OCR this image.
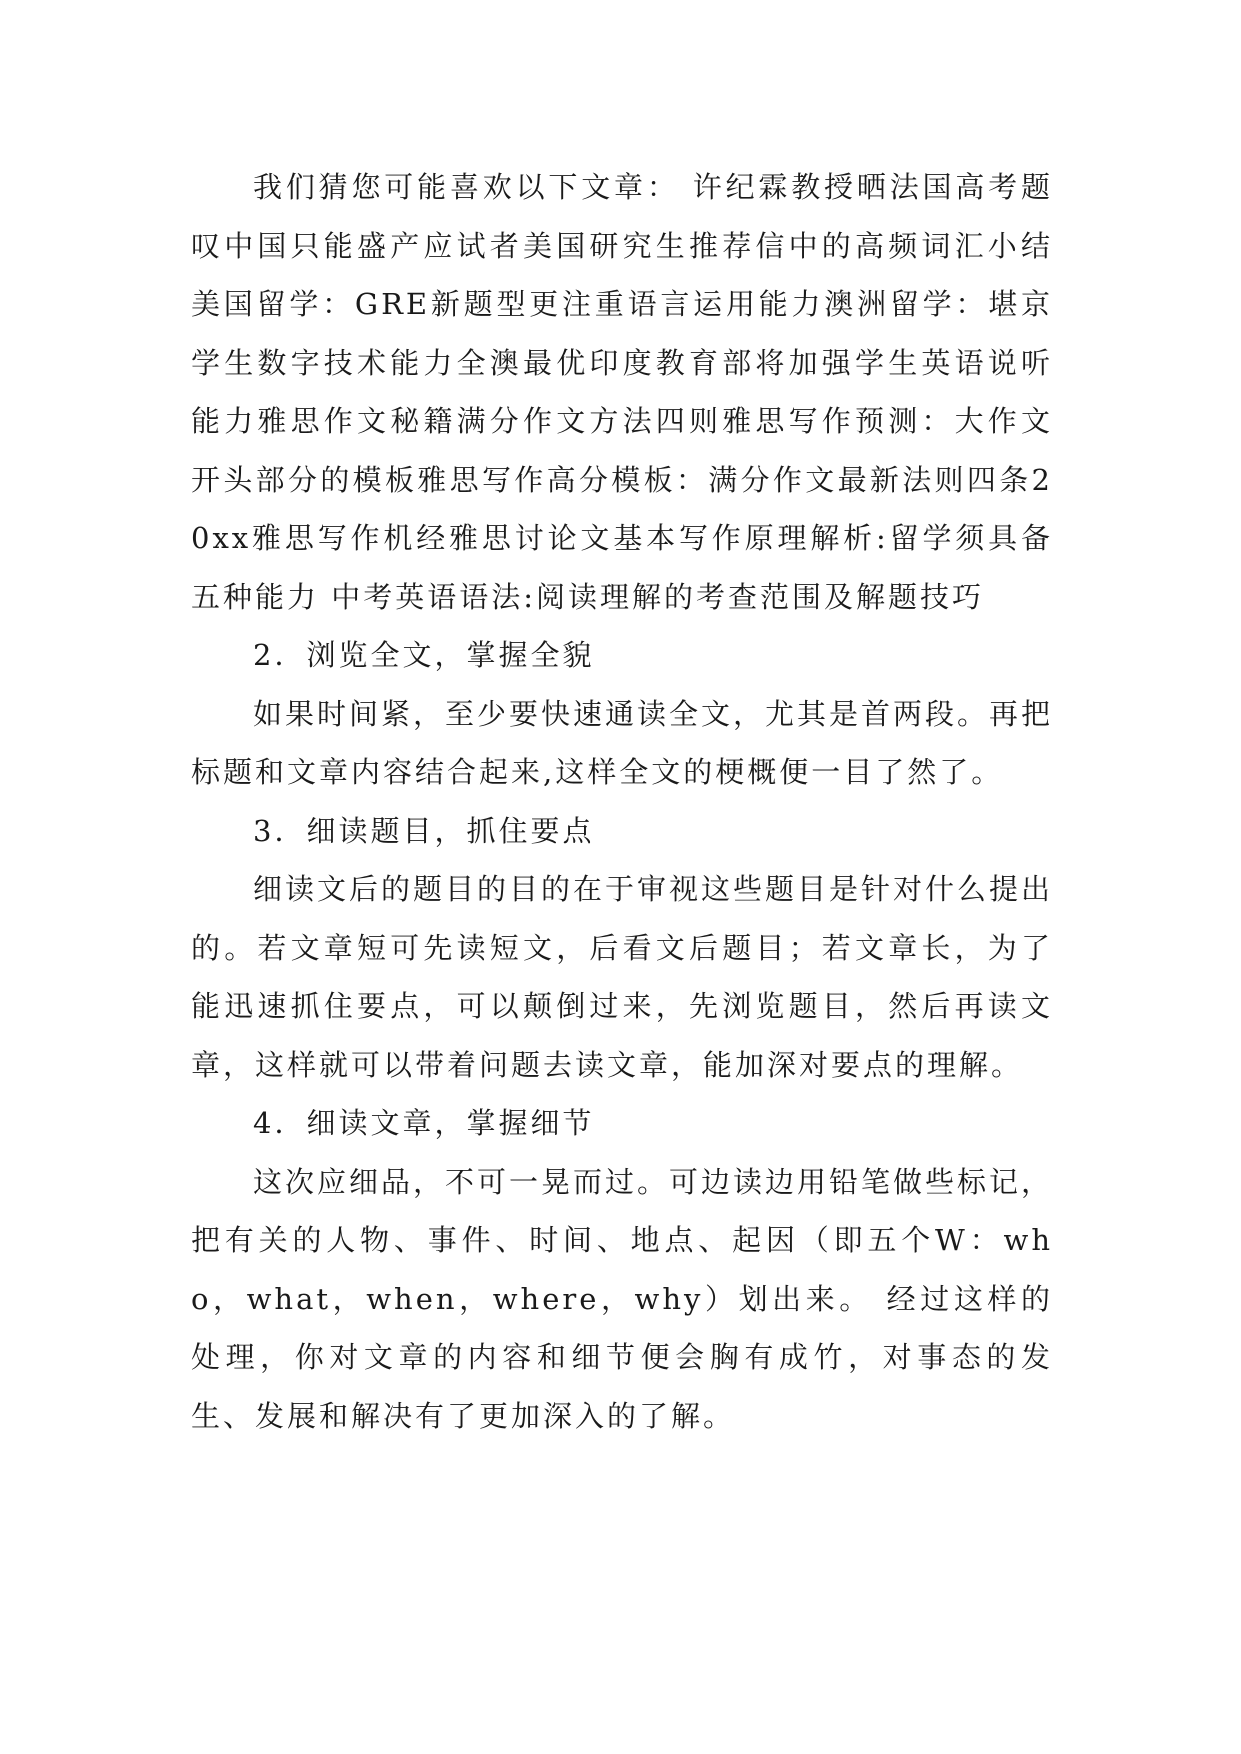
我们猜您可能喜欢以下文章： 许纪霖教授晒法国高考题叹中国只能盛产应试者美国研究生推荐信中的高频词汇小结美国留学：GRE新题型更注重语言运用能力澳洲留学：堪京学生数字技术能力全澳最优印度教育部将加强学生英语说听能力雅思作文秘籍满分作文方法四则雅思写作预测：大作文开头部分的模板雅思写作高分模板：满分作文最新法则四条20xx雅思写作机经雅思讨论文基本写作原理解析:留学须具备五种能力 中考英语语法:阅读理解的考查范围及解题技巧

2．浏览全文，掌握全貌

如果时间紧，至少要快速通读全文，尤其是首两段。再把标题和文章内容结合起来,这样全文的梗概便一目了然了。

3．细读题目，抓住要点

细读文后的题目的目的在于审视这些题目是针对什么提出的。若文章短可先读短文，后看文后题目；若文章长，为了能迅速抓住要点，可以颠倒过来，先浏览题目，然后再读文章，这样就可以带着问题去读文章，能加深对要点的理解。

4．细读文章，掌握细节

这次应细品，不可一晃而过。可边读边用铅笔做些标记，把有关的人物、事件、时间、地点、起因（即五个W：who，what，when，where，why）划出来。 经过这样的处理，你对文章的内容和细节便会胸有成竹，对事态的发生、发展和解决有了更加深入的了解。
